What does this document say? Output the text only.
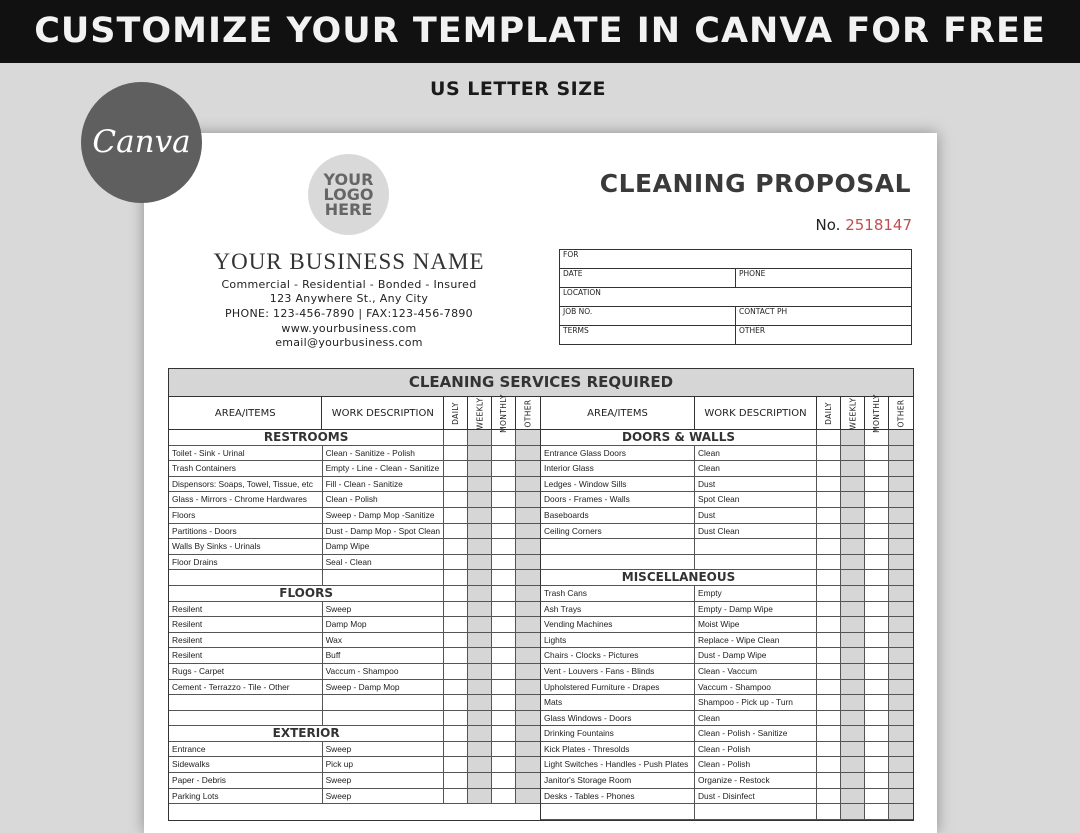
CUSTOMIZE YOUR TEMPLATE IN CANVA FOR FREE
US LETTER SIZE
Canva
YOUR
LOGO
HERE
YOUR BUSINESS NAME
Commercial - Residential - Bonded - Insured
123 Anywhere St., Any City
PHONE: 123-456-7890 | FAX:123-456-7890
www.yourbusiness.com
email@yourbusiness.com
CLEANING PROPOSAL
No. 2518147
FOR	
DATE	PHONE
LOCATION	
JOB NO.	CONTACT PH
TERMS	OTHER
CLEANING SERVICES REQUIRED
AREA/ITEMS	WORK DESCRIPTION	DAILY WEEKLY MONTHLY OTHER
RESTROOMS
Toilet - Sink - Urinal	Clean - Sanitize - Polish
Trash Containers	Empty - Line - Clean - Sanitize
Dispensors: Soaps, Towel, Tissue, etc	Fill - Clean - Sanitize
Glass - Mirrors - Chrome Hardwares	Clean - Polish
Floors	Sweep - Damp Mop -Sanitize
Partitions - Doors	Dust - Damp Mop - Spot Clean
Walls By Sinks - Urinals	Damp Wipe
Floor Drains	Seal - Clean
FLOORS
Resilent	Sweep
Resilent	Damp Mop
Resilent	Wax
Resilent	Buff
Rugs - Carpet	Vaccum - Shampoo
Cement - Terrazzo - Tile - Other	Sweep - Damp Mop
EXTERIOR
Entrance	Sweep
Sidewalks	Pick up
Paper - Debris	Sweep
Parking Lots	Sweep
AREA/ITEMS	WORK DESCRIPTION	DAILY WEEKLY MONTHLY OTHER
DOORS & WALLS
Entrance Glass Doors	Clean
Interior Glass	Clean
Ledges - Window Sills	Dust
Doors - Frames - Walls	Spot Clean
Baseboards	Dust
Ceiling Corners	Dust Clean
MISCELLANEOUS
Trash Cans	Empty
Ash Trays	Empty - Damp Wipe
Vending Machines	Moist Wipe
Lights	Replace - Wipe Clean
Chairs - Clocks - Pictures	Dust - Damp Wipe
Vent - Louvers - Fans - Blinds	Clean - Vaccum
Upholstered Furniture - Drapes	Vaccum - Shampoo
Mats	Shampoo - Pick up - Turn
Glass Windows - Doors	Clean
Drinking Fountains	Clean - Polish - Sanitize
Kick Plates - Thresolds	Clean - Polish
Light Switches - Handles - Push Plates	Clean - Polish
Janitor's Storage Room	Organize - Restock
Desks - Tables - Phones	Dust - Disinfect
